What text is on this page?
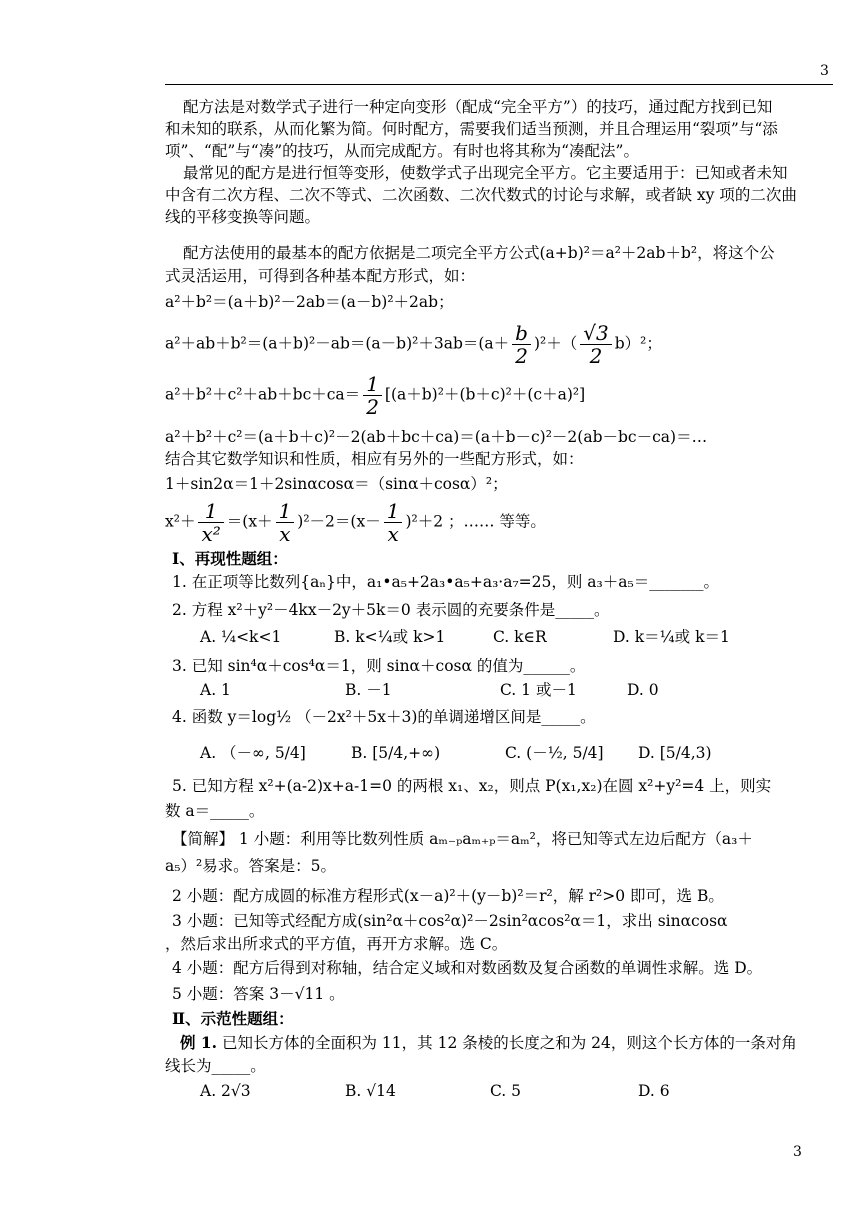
3
配方法是对数学式子进行一种定向变形（配成“完全平方”）的技巧，通过配方找到已知
和未知的联系，从而化繁为简。何时配方，需要我们适当预测，并且合理运用“裂项”与“添
项”、“配”与“凑”的技巧，从而完成配方。有时也将其称为“凑配法”。
最常见的配方是进行恒等变形，使数学式子出现完全平方。它主要适用于：已知或者未知
中含有二次方程、二次不等式、二次函数、二次代数式的讨论与求解，或者缺 xy 项的二次曲
线的平移变换等问题。
配方法使用的最基本的配方依据是二项完全平方公式(a+b)²＝a²＋2ab＋b²，将这个公
式灵活运用，可得到各种基本配方形式，如：
a²＋b²＝(a＋b)²－2ab＝(a－b)²＋2ab；
$a^2+ab+b^2=(a+b)^2-ab=(a-b)^2+3ab=(a+ \frac{b}{2} )^2+( \frac{√3}{2} b)^2$；
$a^2+b^2+c^2+ab+bc+ca= \frac{1}{2} [(a+b)^2+(b+c)^2+(c+a)^2]$
a²＋b²＋c²＝(a＋b＋c)²－2(ab＋bc＋ca)＝(a＋b－c)²－2(ab－bc－ca)＝…
结合其它数学知识和性质，相应有另外的一些配方形式，如：
1＋sin2α＝1＋2sinαcosα＝（sinα＋cosα）²；
$x^2+ \frac{1}{\text{x²}} =(x+ \frac{1}{x} )^2-2=(x- \frac{1}{x} )^2+2$ ；…… 等等。
Ⅰ、再现性题组：
1. 在正项等比数列{aₙ}中，a₁•a₅+2a₃•a₅+a₃·a₇=25，则 a₃＋a₅＝_______。
2. 方程 x²＋y²－4kx－2y＋5k＝0 表示圆的充要条件是_____。
A. ¼<k<1	B. k<¼或 k>1	C. k∈R	D. k＝¼或 k＝1
3. 已知 sin⁴α＋cos⁴α＝1，则 sinα＋cosα 的值为______。
A. 1	B. －1	C. 1 或－1	D. 0
4. 函数 y＝log½ （－2x²＋5x＋3)的单调递增区间是_____。
A. （－∞, 5/4]	B. [5/4,+∞)	C. (－½, 5/4] D. [5/4,3)
5. 已知方程 x²+(a-2)x+a-1=0 的两根 x₁、x₂，则点 P(x₁,x₂)在圆 x²+y²=4 上，则实
数 a＝_____。
【简解】 1 小题：利用等比数列性质 aₘ₋ₚaₘ₊ₚ＝aₘ²，将已知等式左边后配方（a₃＋
a₅）²易求。答案是：5。
2 小题：配方成圆的标准方程形式(x－a)²＋(y－b)²＝r²，解 r²>0 即可，选 B。
3 小题：已知等式经配方成(sin²α＋cos²α)²－2sin²αcos²α＝1，求出 sinαcosα
，然后求出所求式的平方值，再开方求解。选 C。
4 小题：配方后得到对称轴，结合定义域和对数函数及复合函数的单调性求解。选 D。
5 小题：答案 3－√11 。
Ⅱ、示范性题组：
例 1. 已知长方体的全面积为 11，其 12 条棱的长度之和为 24，则这个长方体的一条对角
线长为_____。
A. 2√3	B. √14	C. 5	D. 6
3
